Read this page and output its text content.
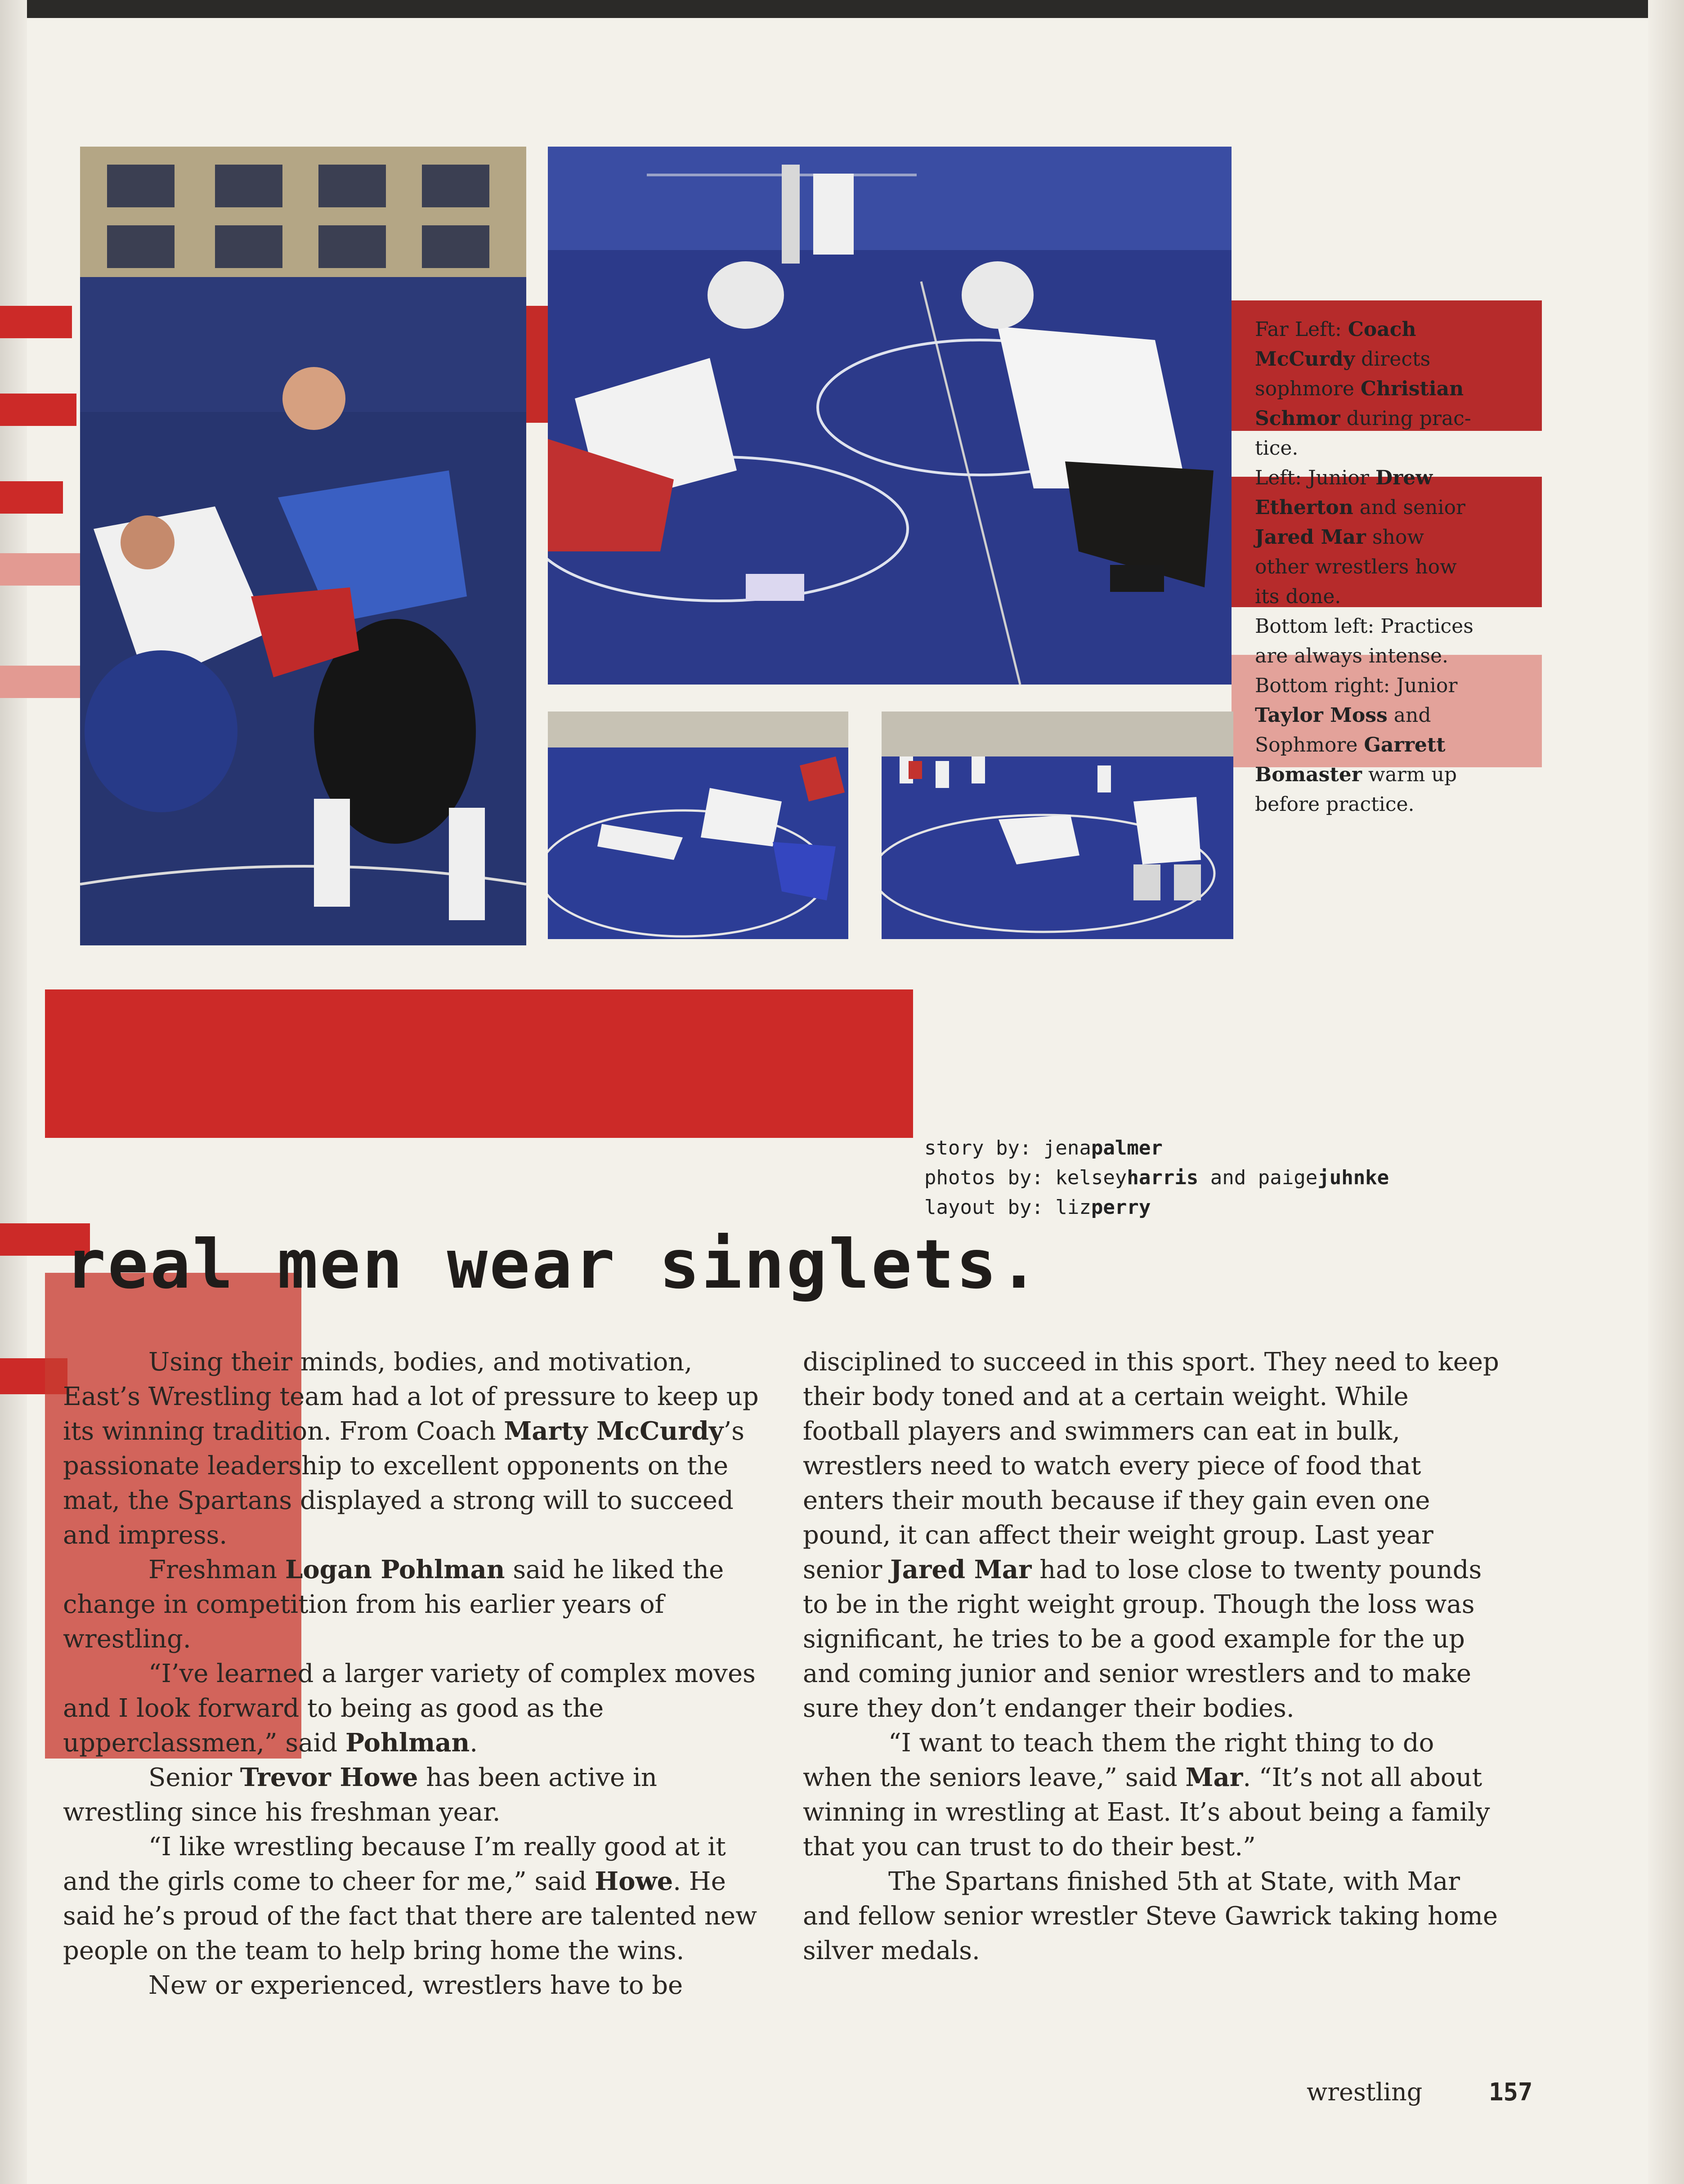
Far Left: Coach
McCurdy directs
sophmore Christian
Schmor during prac-
tice.
Left: Junior Drew
Etherton and senior
Jared Mar show
other wrestlers how
its done.
Bottom left: Practices
are always intense.
Bottom right: Junior
Taylor Moss and
Sophmore Garrett
Bomaster warm up
before practice.
story by: jenapalmer
photos by: kelseyharris and paigejuhnke
layout by: lizperry
real men wear singlets.

Using their minds, bodies, and motivation, East’s Wrestling team had a lot of pressure to keep up its winning tradition. From Coach Marty McCurdy’s passionate leadership to excellent opponents on the mat, the Spartans displayed a strong will to succeed and impress.

Freshman Logan Pohlman said he liked the change in competition from his earlier years of wrestling.

“I’ve learned a larger variety of complex moves and I look forward to being as good as the upperclassmen,” said Pohlman.

Senior Trevor Howe has been active in wrestling since his freshman year.

“I like wrestling because I’m really good at it and the girls come to cheer for me,” said Howe. He said he’s proud of the fact that there are talented new people on the team to help bring home the wins.

New or experienced, wrestlers have to be

disciplined to succeed in this sport. They need to keep their body toned and at a certain weight. While football players and swimmers can eat in bulk, wrestlers need to watch every piece of food that enters their mouth because if they gain even one pound, it can affect their weight group. Last year senior Jared Mar had to lose close to twenty pounds to be in the right weight group. Though the loss was significant, he tries to be a good example for the up and coming junior and senior wrestlers and to make sure they don’t endanger their bodies.

“I want to teach them the right thing to do when the seniors leave,” said Mar. “It’s not all about winning in wrestling at East. It’s about being a family that you can trust to do their best.”

The Spartans finished 5th at State, with Mar and fellow senior wrestler Steve Gawrick taking home silver medals.

wrestling	157
